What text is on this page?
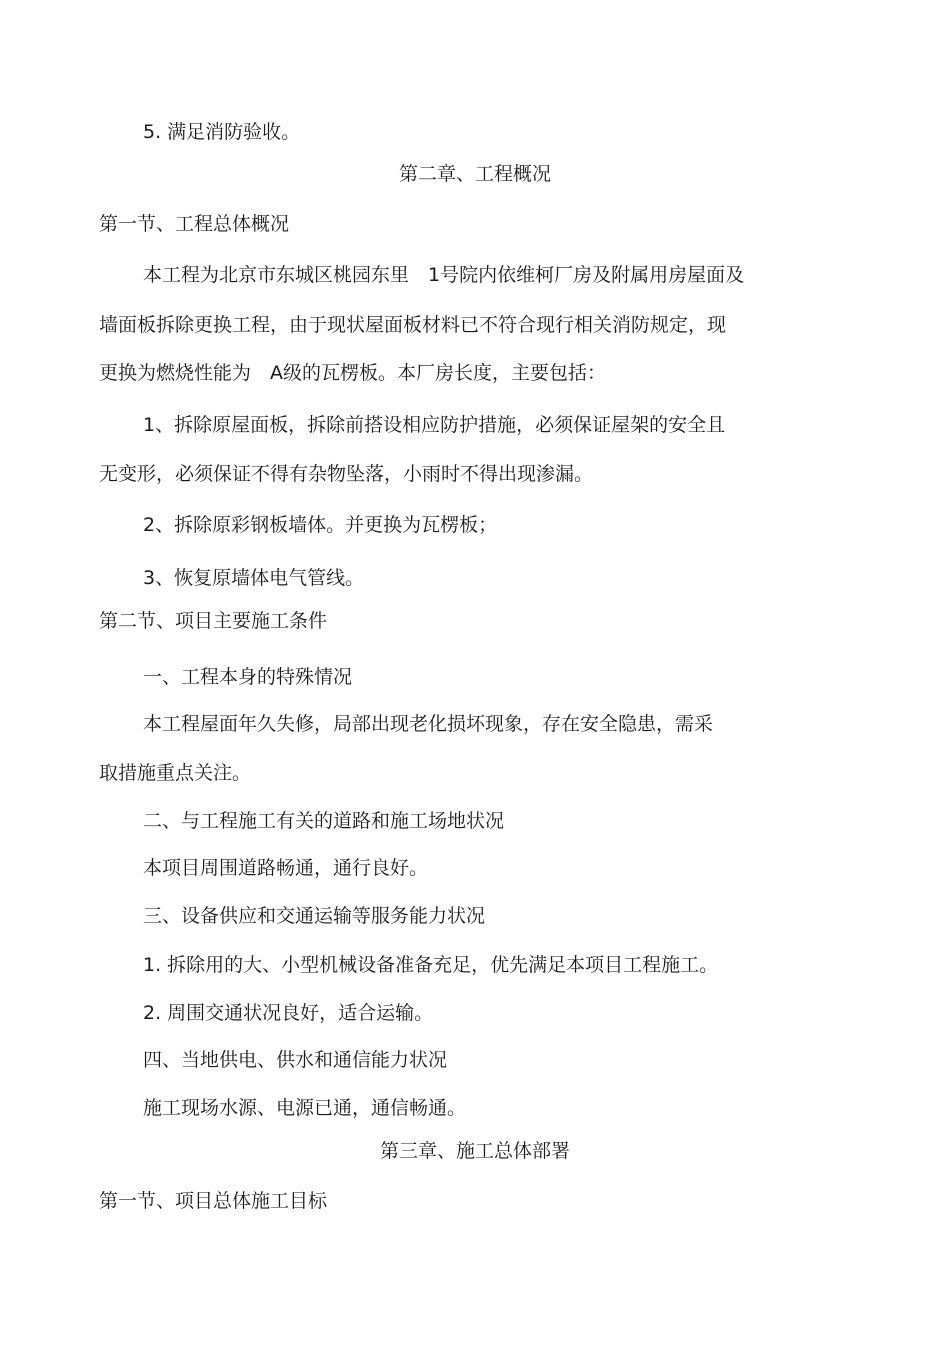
5. 满足消防验收。
第二章、工程概况
第一节、工程总体概况
本工程为北京市东城区桃园东里　1号院内依维柯厂房及附属用房屋面及
墙面板拆除更换工程，由于现状屋面板材料已不符合现行相关消防规定，现
更换为燃烧性能为　A级的瓦楞板。本厂房长度，主要包括：
1、拆除原屋面板，拆除前搭设相应防护措施，必须保证屋架的安全且
无变形，必须保证不得有杂物坠落，小雨时不得出现渗漏。
2、拆除原彩钢板墙体。并更换为瓦楞板；
3、恢复原墙体电气管线。
第二节、项目主要施工条件
一、工程本身的特殊情况
本工程屋面年久失修，局部出现老化损坏现象，存在安全隐患，需采
取措施重点关注。
二、与工程施工有关的道路和施工场地状况
本项目周围道路畅通，通行良好。
三、设备供应和交通运输等服务能力状况
1. 拆除用的大、小型机械设备准备充足，优先满足本项目工程施工。
2. 周围交通状况良好，适合运输。
四、当地供电、供水和通信能力状况
施工现场水源、电源已通，通信畅通。
第三章、施工总体部署
第一节、项目总体施工目标
